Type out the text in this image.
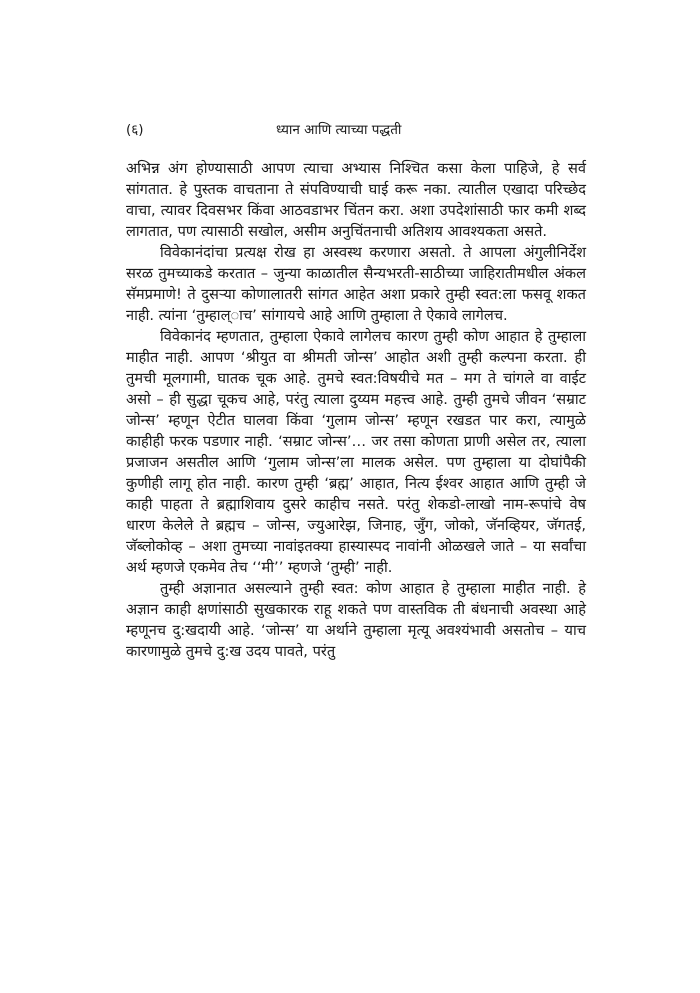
(६)	ध्यान आणि त्याच्या पद्धती

अभिन्न अंग होण्यासाठी आपण त्याचा अभ्यास निश्चित कसा केला पाहिजे, हे सर्व सांगतात. हे पुस्तक वाचताना ते संपविण्याची घाई करू नका. त्यातील एखादा परिच्छेद वाचा, त्यावर दिवसभर किंवा आठवडाभर चिंतन करा. अशा उपदेशांसाठी फार कमी शब्द लागतात, पण त्यासाठी सखोल, असीम अनुचिंतनाची अतिशय आवश्यकता असते.

विवेकानंदांचा प्रत्यक्ष रोख हा अस्वस्थ करणारा असतो. ते आपला अंगुलीनिर्देश सरळ तुमच्याकडे करतात – जुन्या काळातील सैन्यभरती-साठीच्या जाहिरातीमधील अंकल सॅमप्रमाणे! ते दुसऱ्या कोणालातरी सांगत आहेत अशा प्रकारे तुम्ही स्वत:ला फसवू शकत नाही. त्यांना ‘तुम्हाल्‌ाच’ सांगायचे आहे आणि तुम्हाला ते ऐकावे लागेलच.

विवेकानंद म्हणतात, तुम्हाला ऐकावे लागेलच कारण तुम्ही कोण आहात हे तुम्हाला माहीत नाही. आपण ‘श्रीयुत वा श्रीमती जोन्स’ आहोत अशी तुम्ही कल्पना करता. ही तुमची मूलगामी, घातक चूक आहे. तुमचे स्वत:विषयीचे मत – मग ते चांगले वा वाईट असो – ही सुद्धा चूकच आहे, परंतु त्याला दुय्यम महत्त्व आहे. तुम्ही तुमचे जीवन ‘सम्राट जोन्स’ म्हणून ऐटीत घालवा किंवा ‘गुलाम जोन्स’ म्हणून रखडत पार करा, त्यामुळे काहीही फरक पडणार नाही. ‘सम्राट जोन्स’… जर तसा कोणता प्राणी असेल तर, त्याला प्रजाजन असतील आणि ‘गुलाम जोन्स’ला मालक असेल. पण तुम्हाला या दोघांपैकी कुणीही लागू होत नाही. कारण तुम्ही ‘ब्रह्म’ आहात, नित्य ईश्वर आहात आणि तुम्ही जे काही पाहता ते ब्रह्माशिवाय दुसरे काहीच नसते. परंतु शेकडो-लाखो नाम-रूपांचे वेष धारण केलेले ते ब्रह्मच – जोन्स, ज्युआरेझ, जिनाह, जुँग, जोको, जॅनव्हियर, जॅगतई, जॅब्लोकोव्ह – अशा तुमच्या नावांइतक्या हास्यास्पद नावांनी ओळखले जाते – या सर्वांचा अर्थ म्हणजे एकमेव तेच ‘‘मी’’ म्हणजे ‘तुम्ही’ नाही.

तुम्ही अज्ञानात असल्याने तुम्ही स्वत: कोण आहात हे तुम्हाला माहीत नाही. हे अज्ञान काही क्षणांसाठी सुखकारक राहू शकते पण वास्तविक ती बंधनाची अवस्था आहे म्हणूनच दु:खदायी आहे. ‘जोन्स’ या अर्थाने तुम्हाला मृत्यू अवश्यंभावी असतोच – याच कारणामुळे तुमचे दु:ख उदय पावते, परंतु
